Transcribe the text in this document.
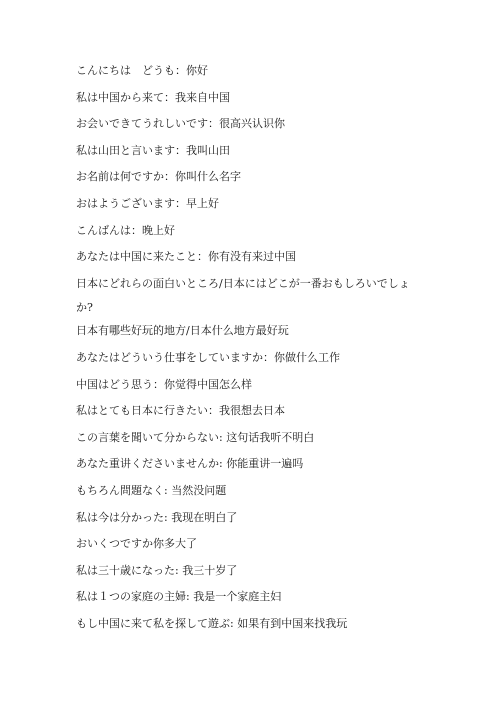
こんにちは　どうも：你好
私は中国から来て：我来自中国
お会いできてうれしいです：很高兴认识你
私は山田と言います：我叫山田
お名前は何ですか：你叫什么名字
おはようございます：早上好
こんばんは：晚上好
あなたは中国に来たこと：你有没有来过中国
日本にどれらの面白いところ/日本にはどこが一番おもしろいでしょか?
日本有哪些好玩的地方/日本什么地方最好玩
あなたはどういう仕事をしていますか：你做什么工作
中国はどう思う：你觉得中国怎么样
私はとても日本に行きたい：我很想去日本
この言葉を聞いて分からない: 这句话我听不明白
あなた重讲くださいませんか: 你能重讲一遍吗
もちろん問題なく: 当然没问题
私は今は分かった: 我现在明白了
おいくつですか你多大了
私は三十歳になった: 我三十岁了
私は１つの家庭の主婦: 我是一个家庭主妇
もし中国に来て私を探して遊ぶ: 如果有到中国来找我玩
